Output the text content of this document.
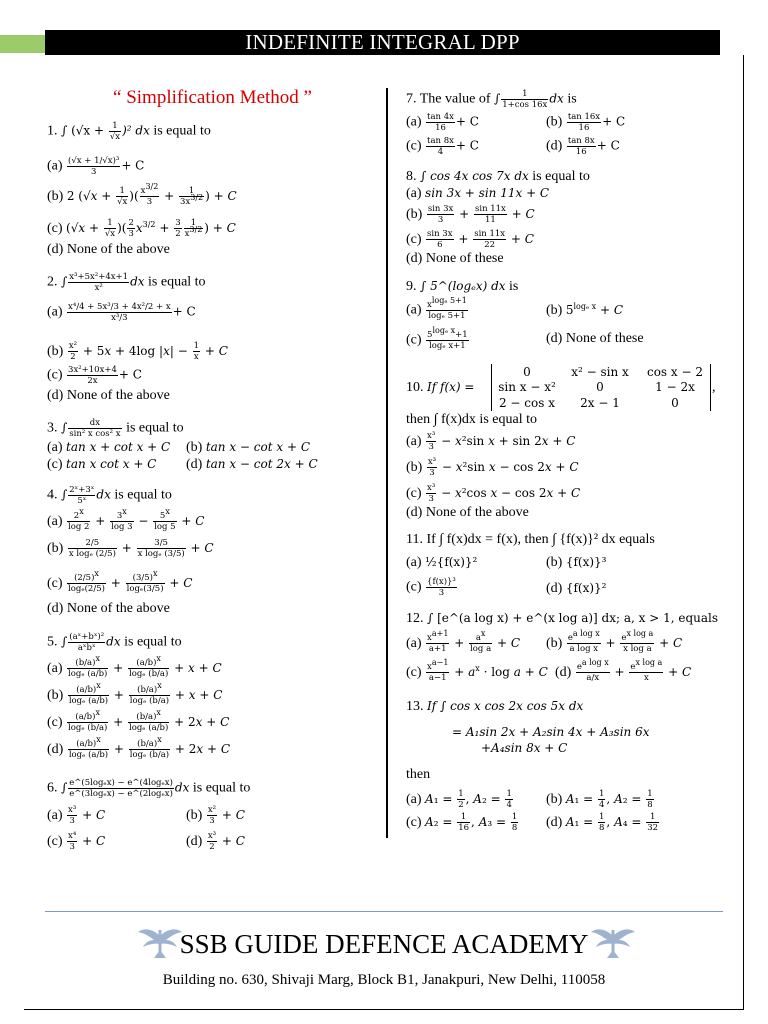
INDEFINITE INTEGRAL DPP
“ Simplification Method ”
1. ∫ $(√x + \frac{1}{√x} )^2$ dx is equal to
$(a) \frac{\text{(√x + 1/√x)³}}{3} + C$
(b) 2 ($√x + \frac{1}{√x}$ )( $\frac{x^{3/2}}{3} + \frac{1}{3x^{3/2}}$ ) + C
(c) ($√x + \frac{1}{√x}$ )( $\frac{2}{3} x^{3/2} + \frac{3}{2} \frac{1}{x^{3/2}}$ ) + C
(d) None of the above
2. ∫ $\frac{\text{x³+5x²+4x+1}}{\text{x²}}$ dx is equal to
$(a) \frac{\text{x⁴/4 + 5x³/3 + 4x²/2 + x}}{\text{x³/3}} + C$
$(b) \frac{\text{x²}}{2} + 5x + 4\log$ $|x| - \frac{1}{x} + C$
$(c) \frac{\text{3x²+10x+4}}{2x} + C$
(d) None of the above
3. ∫ $\frac{dx}{\text{sin² x cos² x}}$ is equal to
(a) tan x + cot x + C (b) tan x − cot x + C
(c) tan x cot x + C (d) tan x − cot 2x + C
4. ∫ $\frac{\text{2ˣ+3ˣ}}{\text{5ˣ}}$ dx is equal to
$(a) \frac{2^x}{\log 2} + \frac{3^x}{\log 3} - \frac{5^x}{\log 5} + C$
$(b) \frac{2/5}{\text{x logₑ (2/5)}} + \frac{3/5}{\text{x logₑ (3/5)}} + C$
$(c) \frac{(2/5)^x}{\text{logₑ(2/5)}} + \frac{(3/5)^x}{\text{logₑ(3/5)}} + C$
(d) None of the above
5. ∫ (aˣ+bˣ)²
aˣbˣ dx is equal to
$(a) \frac{(b/a)^x}{\text{logₑ (a/b)}} + \frac{(a/b)^x}{\text{logₑ (b/a)}} + x + C$
$(b) \frac{(a/b)^x}{\text{logₑ (a/b)}} + \frac{(b/a)^x}{\text{logₑ (b/a)}} + x + C$
$(c) \frac{(a/b)^x}{\text{logₑ (b/a)}} + \frac{(b/a)^x}{\text{logₑ (a/b)}} + 2x + C$
$(d) \frac{(a/b)^x}{\text{logₑ (a/b)}} + \frac{(b/a)^x}{\text{logₑ (b/a)}} + 2x + C$
6. ∫ $\frac{\text{e\textasciicircum{}(5logₑx) − e\textasciicircum{}(4logₑx)}}{\text{e\textasciicircum{}(3logₑx) − e\textasciicircum{}(2logₑx)}}$ dx is equal to
$(a) \frac{\text{x³}}{3} + C$	$(b) \frac{\text{x²}}{3} + C$
$(c) \frac{\text{x⁴}}{3} + C$	$(d) \frac{\text{x³}}{2} + C$
7. The value of ∫ $\frac{1}{1+\cos 16x}$ dx is
$(a) \frac{\tan 4x}{16} + C$	$(b) \frac{\tan 16x}{16} + C$
$(c) \frac{\tan 8x}{4} + C$	$(d) \frac{\tan 8x}{16} + C$
8. ∫ cos 4x cos 7x dx is equal to
(a) sin 3x + sin 11x + C
$(b) \frac{\sin 3x}{3} + \frac{\sin 11x}{11} + C$
$(c) \frac{\sin 3x}{6} + \frac{\sin 11x}{22} + C$
(d) None of these
9. ∫ 5^(logₑx) dx is
$(a) \frac{x^{log_e 5+1}}{\text{logₑ 5+1}}$	(b) $5^{log_e x} + C$
$(c) \frac{5^{log_e x}+1}{\text{logₑ x+1}}$	(d) None of these
10. If f(x) =
0	x² − sin x	cos x − 2
sin x − x²	0	1 − 2x
2 − cos x	2x − 1	0
,
then ∫ f(x)dx is equal to
$(a) \frac{\text{x³}}{3} - x^2\sin$ x + sin 2x + C
$(b) \frac{\text{x³}}{3} - x^2\sin$ x − cos 2x + C
$(c) \frac{\text{x³}}{3} - x^2\cos$ x − cos 2x + C
(d) None of the above
11. If ∫ f(x)dx = f(x), then ∫ {f(x)}² dx equals
(a) ½{f(x)}²	(b) {f(x)}³
$(c) \frac{\text{\{f(x)\}³}}{3}$	(d) {f(x)}²
12. ∫ [e^(a log x) + e^(x log a)] dx; a, x > 1, equals
$(a) \frac{x^{a+1}}{a+1} + \frac{a^x}{\text{log a}} + C$ $(b) \frac{e^{a log x}}{\text{a log x}} + \frac{e^{x log a}}{\text{x log a}} + C$
$(c) \frac{x^{a-1}}{a-1} + a^x \cdot \log a + C$ $(d) \frac{e^{a log x}}{a/x} + \frac{e^{x log a}}{x} + C$
13. If ∫ cos x cos 2x cos 5x dx
= A₁sin 2x + A₂sin 4x + A₃sin 6x
+A₄sin 8x + C
then
(a) $A_1 = \frac{1}{2}$ , $A_2 = \frac{1}{4} (b) A_1 = \frac{1}{4}$ , $A_2 = \frac{1}{8}$
(c) $A_2 = \frac{1}{16}$ , $A_3 = \frac{1}{8} (d) A_1 = \frac{1}{8}$ , $A_4 = \frac{1}{32}$
SSB GUIDE DEFENCE ACADEMY
Building no. 630, Shivaji Marg, Block B1, Janakpuri, New Delhi, 110058
